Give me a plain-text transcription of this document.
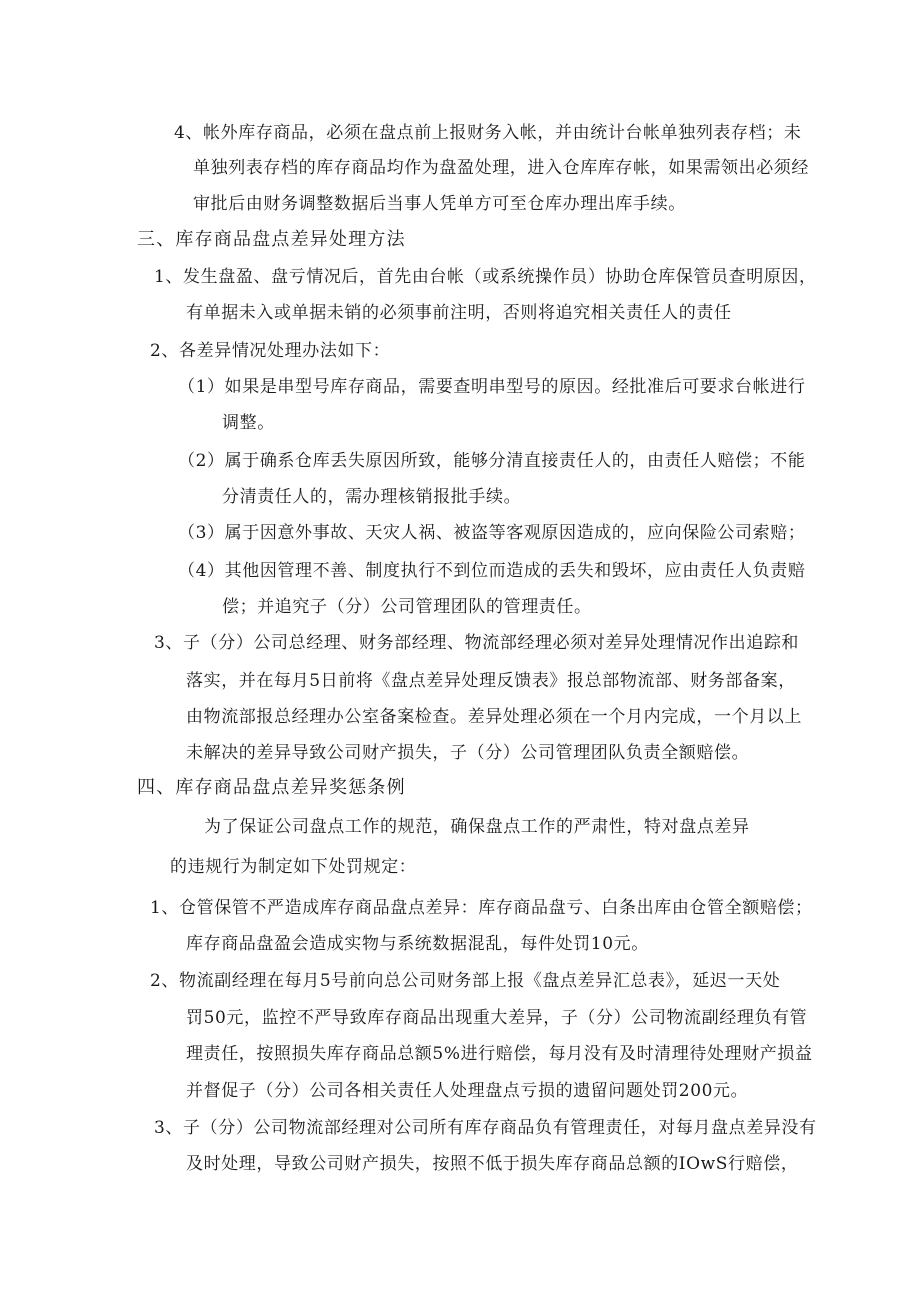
4、帐外库存商品，必须在盘点前上报财务入帐，并由统计台帐单独列表存档；未
单独列表存档的库存商品均作为盘盈处理，进入仓库库存帐，如果需领出必须经
审批后由财务调整数据后当事人凭单方可至仓库办理出库手续。
三、库存商品盘点差异处理方法
1、发生盘盈、盘亏情况后，首先由台帐（或系统操作员）协助仓库保管员查明原因，
有单据未入或单据未销的必须事前注明，否则将追究相关责任人的责任
2、各差异情况处理办法如下：
（1）如果是串型号库存商品，需要查明串型号的原因。经批准后可要求台帐进行
调整。
（2）属于确系仓库丢失原因所致，能够分清直接责任人的，由责任人赔偿；不能
分清责任人的，需办理核销报批手续。
（3）属于因意外事故、天灾人祸、被盗等客观原因造成的，应向保险公司索赔；
（4）其他因管理不善、制度执行不到位而造成的丢失和毁坏，应由责任人负责赔
偿；并追究子（分）公司管理团队的管理责任。
3、子（分）公司总经理、财务部经理、物流部经理必须对差异处理情况作出追踪和
落实，并在每月5日前将《盘点差异处理反馈表》报总部物流部、财务部备案，
由物流部报总经理办公室备案检查。差异处理必须在一个月内完成，一个月以上
未解决的差异导致公司财产损失，子（分）公司管理团队负责全额赔偿。
四、库存商品盘点差异奖惩条例
为了保证公司盘点工作的规范，确保盘点工作的严肃性，特对盘点差异
的违规行为制定如下处罚规定：
1、仓管保管不严造成库存商品盘点差异：库存商品盘亏、白条出库由仓管全额赔偿；
库存商品盘盈会造成实物与系统数据混乱，每件处罚10元。
2、物流副经理在每月5号前向总公司财务部上报《盘点差异汇总表》，延迟一天处
罚50元，监控不严导致库存商品出现重大差异，子（分）公司物流副经理负有管
理责任，按照损失库存商品总额5%进行赔偿，每月没有及时清理待处理财产损益
并督促子（分）公司各相关责任人处理盘点亏损的遗留问题处罚200元。
3、子（分）公司物流部经理对公司所有库存商品负有管理责任，对每月盘点差异没有
及时处理，导致公司财产损失，按照不低于损失库存商品总额的IOwS行赔偿，
